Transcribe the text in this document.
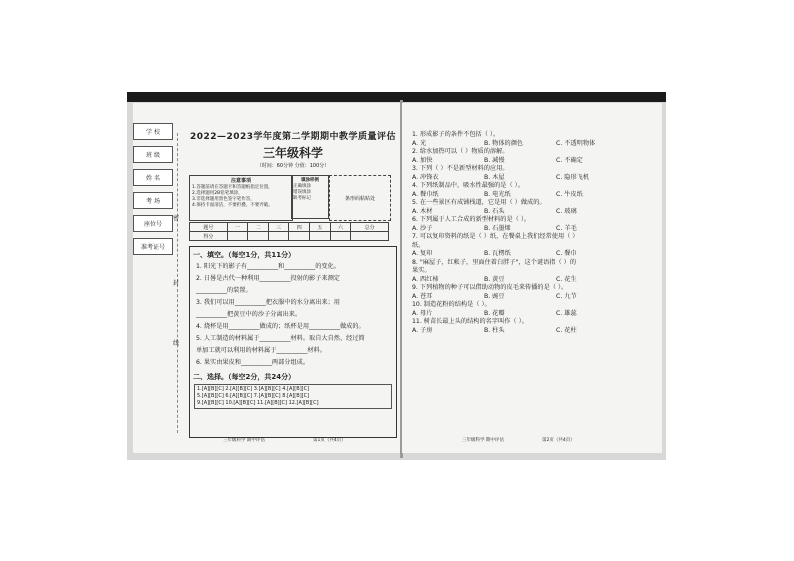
学 校
班 级
姓 名
考 场
座位号
准考证号
密
封
线
2022—2023学年度第二学期期中教学质量评估
三年级科学
（时间：60分钟 分值：100分）
注意事项
1.答题前请在答题卡和答题纸指定位置，
2.选择题用2B铅笔填涂，
3.非选择题用黑色签字笔作答，
4.保持卡面清洁，不要折叠、不要弄破。
填涂样例
正确填涂
错误填涂
缺考标记	条形码粘贴处
题号	一	二	三	四	五	六	总分
得分							
一、填空。（每空1分，共11分）
1. 阳光下的影子有__________和__________的变化。
2. 日晷是古代一种利用__________投射的影子来测定
__________的装置。
3. 我们可以用__________把衣服中的水分离出来；用
__________把黄豆中的沙子分离出来。
4. 烧杯是用__________做成的；纸杯是用__________做成的。
5. 人工制造的材料属于__________材料。取自大自然、经过简
单加工就可以利用的材料属于__________材料。
6. 果实由果皮和__________两部分组成。
二、选择。（每空2分，共24分）
1.[A][B][C] 2.[A][B][C] 3.[A][B][C] 4.[A][B][C]
5.[A][B][C] 6.[A][B][C] 7.[A][B][C] 8.[A][B][C]
9.[A][B][C] 10.[A][B][C] 11.[A][B][C] 12.[A][B][C]
三年级科学 期中评估	第1页（共4页）
1. 形成影子的条件不包括（ ）。
A. 光	B. 物体的颜色	C. 不透明物体
2. 给水加热可以（ ）物质的溶解。
A. 加快	B. 减慢	C. 不确定
3. 下列（ ）不是新型材料的应用。
A. 冲锋衣	B. 木屋	C. 隐形飞机
4. 下列纸制品中，吸水性最强的是（ ）。
A. 餐巾纸	B. 电光纸	C. 牛皮纸
5. 在一些景区有成铺栈道，它是用（ ）做成的。
A. 木材	B. 石头	C. 玻璃
6. 下列属于人工合成的新型材料的是（ ）。
A. 沙子	B. 石墨烯	C. 羊毛
7. 可以复印资料的纸是（ ）纸，在餐桌上我们经常使用（ ）
纸。
A. 复印	B. 瓦楞纸	C. 餐巾
8. "麻屋子，红帐子，里面住着白胖子"，这个谜语指（ ）的
果实。
A. 西红柿	B. 黄豆	C. 花生
9. 下列植物的种子可以借助动物的皮毛来传播的是（ ）。
A. 苍耳	B. 豌豆	C. 九节
10. 制造花粉的结构是（ ）。
A. 母片	B. 花瓣	C. 雄蕊
11. 树苗长最上头的结构的名字叫作（ ）。
A. 子房	B. 柱头	C. 花柱
三年级科学 期中评估	第2页（共4页）
